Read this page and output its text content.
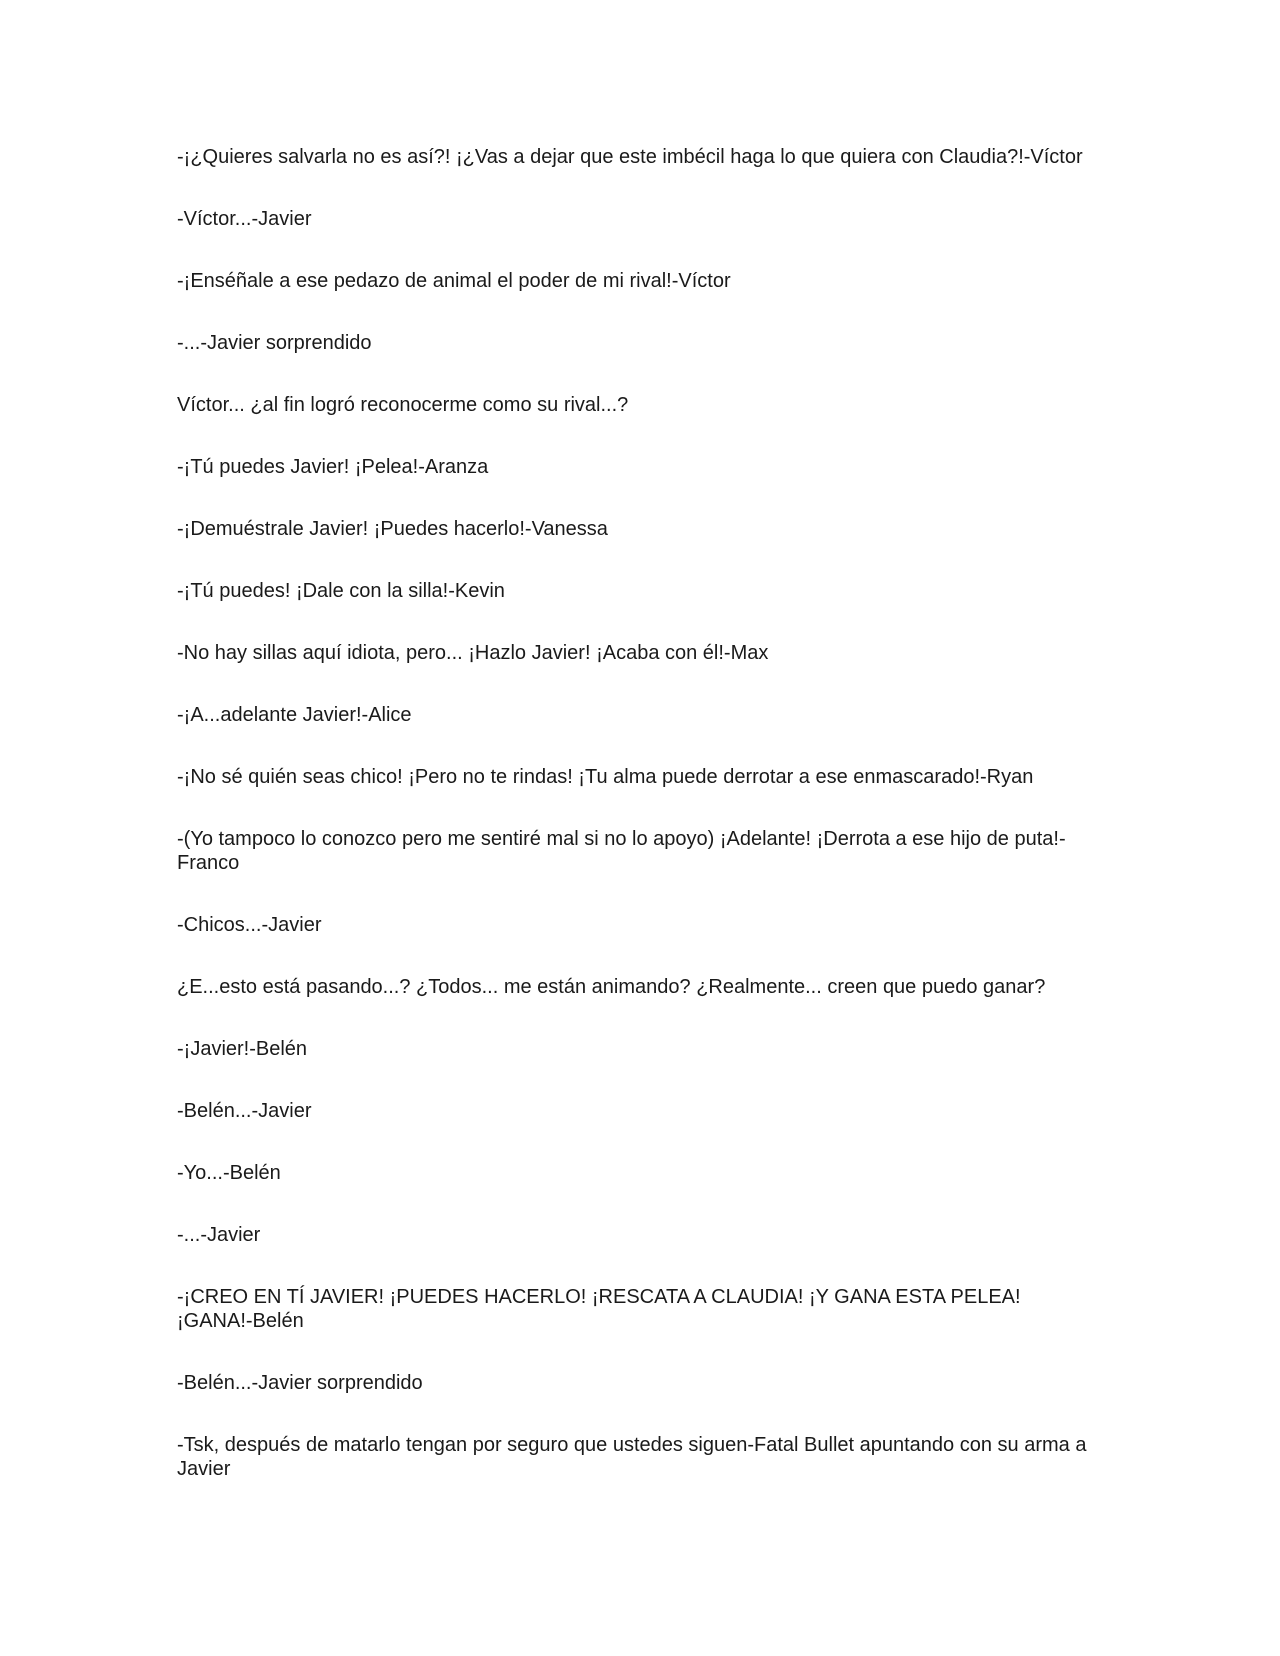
-¡¿Quieres salvarla no es así?! ¡¿Vas a dejar que este imbécil haga lo que quiera con Claudia?!-Víctor

-Víctor...-Javier

-¡Enséñale a ese pedazo de animal el poder de mi rival!-Víctor

-...-Javier sorprendido

Víctor... ¿al fin logró reconocerme como su rival...?

-¡Tú puedes Javier! ¡Pelea!-Aranza

-¡Demuéstrale Javier! ¡Puedes hacerlo!-Vanessa

-¡Tú puedes! ¡Dale con la silla!-Kevin

-No hay sillas aquí idiota, pero... ¡Hazlo Javier! ¡Acaba con él!-Max

-¡A...adelante Javier!-Alice

-¡No sé quién seas chico! ¡Pero no te rindas! ¡Tu alma puede derrotar a ese enmascarado!-Ryan

-(Yo tampoco lo conozco pero me sentiré mal si no lo apoyo) ¡Adelante! ¡Derrota a ese hijo de puta!-Franco

-Chicos...-Javier

¿E...esto está pasando...? ¿Todos... me están animando? ¿Realmente... creen que puedo ganar?

-¡Javier!-Belén

-Belén...-Javier

-Yo...-Belén

-...-Javier

-¡CREO EN TÍ JAVIER! ¡PUEDES HACERLO! ¡RESCATA A CLAUDIA! ¡Y GANA ESTA PELEA! ¡GANA!-Belén

-Belén...-Javier sorprendido

-Tsk, después de matarlo tengan por seguro que ustedes siguen-Fatal Bullet apuntando con su arma a Javier
